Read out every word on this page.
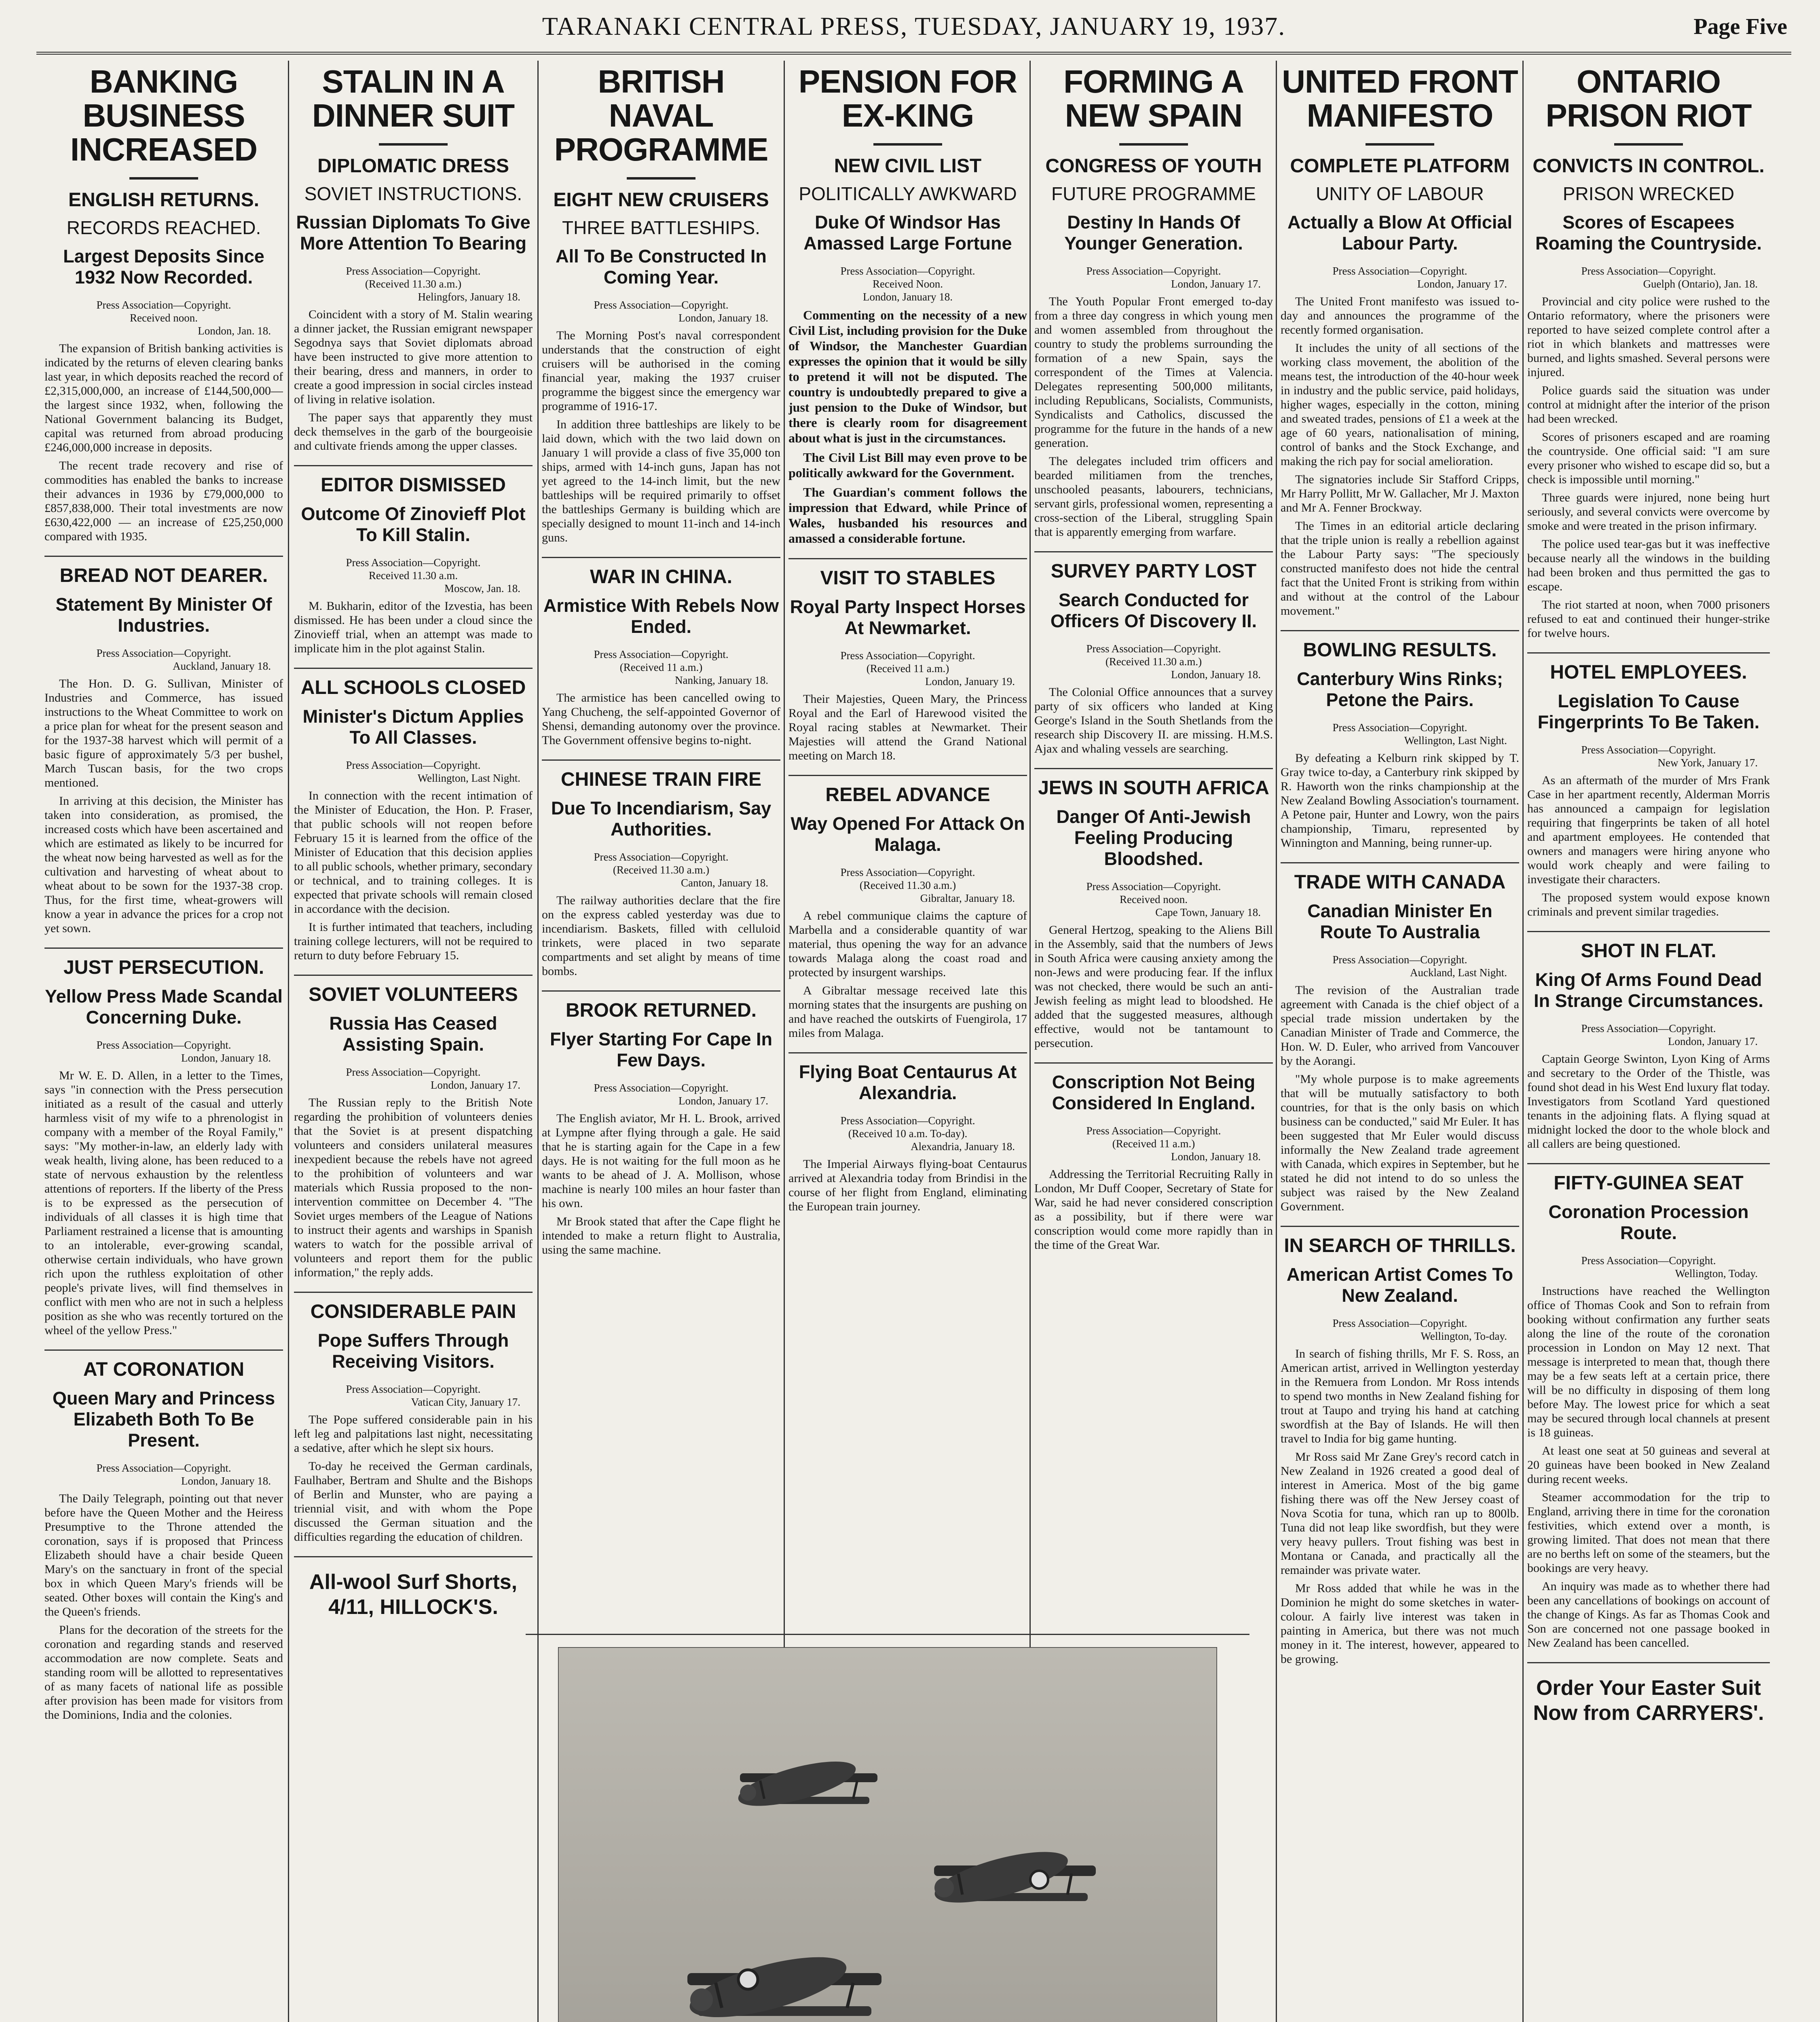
TARANAKI CENTRAL PRESS, TUESDAY, JANUARY 19, 1937.	Page Five
BANKING BUSINESS INCREASED
ENGLISH RETURNS.
RECORDS REACHED.
Largest Deposits Since 1932 Now Recorded.

Press Association—Copyright.

Received noon.

London, Jan. 18.

The expansion of British banking activities is indicated by the returns of eleven clearing banks last year, in which deposits reached the record of £2,315,000,000, an increase of £144,500,000—the largest since 1932, when, following the National Government balancing its Budget, capital was returned from abroad producing £246,000,000 increase in deposits.

The recent trade recovery and rise of commodities has enabled the banks to increase their advances in 1936 by £79,000,000 to £857,838,000. Their total investments are now £630,422,000 — an increase of £25,250,000 compared with 1935.

BREAD NOT DEARER.
Statement By Minister Of Industries.

Press Association—Copyright.

Auckland, January 18.

The Hon. D. G. Sullivan, Minister of Industries and Commerce, has issued instructions to the Wheat Committee to work on a price plan for wheat for the present season and for the 1937-38 harvest which will permit of a basic figure of approximately 5/3 per bushel, March Tuscan basis, for the two crops mentioned.

In arriving at this decision, the Minister has taken into consideration, as promised, the increased costs which have been ascertained and which are estimated as likely to be incurred for the wheat now being harvested as well as for the cultivation and harvesting of wheat about to wheat about to be sown for the 1937-38 crop. Thus, for the first time, wheat-growers will know a year in advance the prices for a crop not yet sown.

JUST PERSECUTION.
Yellow Press Made Scandal Concerning Duke.

Press Association—Copyright.

London, January 18.

Mr W. E. D. Allen, in a letter to the Times, says "in connection with the Press persecution initiated as a result of the casual and utterly harmless visit of my wife to a phrenologist in company with a member of the Royal Family," says: "My mother-in-law, an elderly lady with weak health, living alone, has been reduced to a state of nervous exhaustion by the relentless attentions of reporters. If the liberty of the Press is to be expressed as the persecution of individuals of all classes it is high time that Parliament restrained a license that is amounting to an intolerable, ever-growing scandal, otherwise certain individuals, who have grown rich upon the ruthless exploitation of other people's private lives, will find themselves in conflict with men who are not in such a helpless position as she who was recently tortured on the wheel of the yellow Press."

AT CORONATION
Queen Mary and Princess Elizabeth Both To Be Present.

Press Association—Copyright.

London, January 18.

The Daily Telegraph, pointing out that never before have the Queen Mother and the Heiress Presumptive to the Throne attended the coronation, says if is proposed that Princess Elizabeth should have a chair beside Queen Mary's on the sanctuary in front of the special box in which Queen Mary's friends will be seated. Other boxes will contain the King's and the Queen's friends.

Plans for the decoration of the streets for the coronation and regarding stands and reserved accommodation are now complete. Seats and standing room will be allotted to representatives of as many facets of national life as possible after provision has been made for visitors from the Dominions, India and the colonies.

STALIN IN A DINNER SUIT
DIPLOMATIC DRESS
SOVIET INSTRUCTIONS.
Russian Diplomats To Give More Attention To Bearing

Press Association—Copyright.

(Received 11.30 a.m.)

Helingfors, January 18.

Coincident with a story of M. Stalin wearing a dinner jacket, the Russian emigrant newspaper Segodnya says that Soviet diplomats abroad have been instructed to give more attention to their bearing, dress and manners, in order to create a good impression in social circles instead of living in relative isolation.

The paper says that apparently they must deck themselves in the garb of the bourgeoisie and cultivate friends among the upper classes.

EDITOR DISMISSED
Outcome Of Zinovieff Plot To Kill Stalin.

Press Association—Copyright.

Received 11.30 a.m.

Moscow, Jan. 18.

M. Bukharin, editor of the Izvestia, has been dismissed. He has been under a cloud since the Zinovieff trial, when an attempt was made to implicate him in the plot against Stalin.

ALL SCHOOLS CLOSED
Minister's Dictum Applies To All Classes.

Press Association—Copyright.

Wellington, Last Night.

In connection with the recent intimation of the Minister of Education, the Hon. P. Fraser, that public schools will not reopen before February 15 it is learned from the office of the Minister of Education that this decision applies to all public schools, whether primary, secondary or technical, and to training colleges. It is expected that private schools will remain closed in accordance with the decision.

It is further intimated that teachers, including training college lecturers, will not be required to return to duty before February 15.

SOVIET VOLUNTEERS
Russia Has Ceased Assisting Spain.

Press Association—Copyright.

London, January 17.

The Russian reply to the British Note regarding the prohibition of volunteers denies that the Soviet is at present dispatching volunteers and considers unilateral measures inexpedient because the rebels have not agreed to the prohibition of volunteers and war materials which Russia proposed to the non-intervention committee on December 4. "The Soviet urges members of the League of Nations to instruct their agents and warships in Spanish waters to watch for the possible arrival of volunteers and report them for the public information," the reply adds.

CONSIDERABLE PAIN
Pope Suffers Through Receiving Visitors.

Press Association—Copyright.

Vatican City, January 17.

The Pope suffered considerable pain in his left leg and palpitations last night, necessitating a sedative, after which he slept six hours.

To-day he received the German cardinals, Faulhaber, Bertram and Shulte and the Bishops of Berlin and Munster, who are paying a triennial visit, and with whom the Pope discussed the German situation and the difficulties regarding the education of children.

All-wool Surf Shorts, 4/11, HILLOCK'S.
BRITISH NAVAL PROGRAMME
EIGHT NEW CRUISERS
THREE BATTLESHIPS.
All To Be Constructed In Coming Year.

Press Association—Copyright.

London, January 18.

The Morning Post's naval correspondent understands that the construction of eight cruisers will be authorised in the coming financial year, making the 1937 cruiser programme the biggest since the emergency war programme of 1916-17.

In addition three battleships are likely to be laid down, which with the two laid down on January 1 will provide a class of five 35,000 ton ships, armed with 14-inch guns, Japan has not yet agreed to the 14-inch limit, but the new battleships will be required primarily to offset the battleships Germany is building which are specially designed to mount 11-inch and 14-inch guns.

WAR IN CHINA.
Armistice With Rebels Now Ended.

Press Association—Copyright.

(Received 11 a.m.)

Nanking, January 18.

The armistice has been cancelled owing to Yang Chucheng, the self-appointed Governor of Shensi, demanding autonomy over the province. The Government offensive begins to-night.

CHINESE TRAIN FIRE
Due To Incendiarism, Say Authorities.

Press Association—Copyright.

(Received 11.30 a.m.)

Canton, January 18.

The railway authorities declare that the fire on the express cabled yesterday was due to incendiarism. Baskets, filled with celluloid trinkets, were placed in two separate compartments and set alight by means of time bombs.

BROOK RETURNED.
Flyer Starting For Cape In Few Days.

Press Association—Copyright.

London, January 17.

The English aviator, Mr H. L. Brook, arrived at Lympne after flying through a gale. He said that he is starting again for the Cape in a few days. He is not waiting for the full moon as he wants to be ahead of J. A. Mollison, whose machine is nearly 100 miles an hour faster than his own.

Mr Brook stated that after the Cape flight he intended to make a return flight to Australia, using the same machine.

PENSION FOR EX-KING
NEW CIVIL LIST
POLITICALLY AWKWARD
Duke Of Windsor Has Amassed Large Fortune

Press Association—Copyright.

Received Noon.

London, January 18.

Commenting on the necessity of a new Civil List, including provision for the Duke of Windsor, the Manchester Guardian expresses the opinion that it would be silly to pretend it will not be disputed. The country is undoubtedly prepared to give a just pension to the Duke of Windsor, but there is clearly room for disagreement about what is just in the circumstances.

The Civil List Bill may even prove to be politically awkward for the Government.

The Guardian's comment follows the impression that Edward, while Prince of Wales, husbanded his resources and amassed a considerable fortune.

VISIT TO STABLES
Royal Party Inspect Horses At Newmarket.

Press Association—Copyright.

(Received 11 a.m.)

London, January 19.

Their Majesties, Queen Mary, the Princess Royal and the Earl of Harewood visited the Royal racing stables at Newmarket. Their Majesties will attend the Grand National meeting on March 18.

REBEL ADVANCE
Way Opened For Attack On Malaga.

Press Association—Copyright.

(Received 11.30 a.m.)

Gibraltar, January 18.

A rebel communique claims the capture of Marbella and a considerable quantity of war material, thus opening the way for an advance towards Malaga along the coast road and protected by insurgent warships.

A Gibraltar message received late this morning states that the insurgents are pushing on and have reached the outskirts of Fuengirola, 17 miles from Malaga.

Flying Boat Centaurus At Alexandria.

Press Association—Copyright.

(Received 10 a.m. To-day).

Alexandria, January 18.

The Imperial Airways flying-boat Centaurus arrived at Alexandria today from Brindisi in the course of her flight from England, eliminating the European train journey.

FORMING A NEW SPAIN
CONGRESS OF YOUTH
FUTURE PROGRAMME
Destiny In Hands Of Younger Generation.

Press Association—Copyright.

London, January 17.

The Youth Popular Front emerged to-day from a three day congress in which young men and women assembled from throughout the country to study the problems surrounding the formation of a new Spain, says the correspondent of the Times at Valencia. Delegates representing 500,000 militants, including Republicans, Socialists, Communists, Syndicalists and Catholics, discussed the programme for the future in the hands of a new generation.

The delegates included trim officers and bearded militiamen from the trenches, unschooled peasants, labourers, technicians, servant girls, professional women, representing a cross-section of the Liberal, struggling Spain that is apparently emerging from warfare.

SURVEY PARTY LOST
Search Conducted for Officers Of Discovery II.

Press Association—Copyright.

(Received 11.30 a.m.)

London, January 18.

The Colonial Office announces that a survey party of six officers who landed at King George's Island in the South Shetlands from the research ship Discovery II. are missing. H.M.S. Ajax and whaling vessels are searching.

JEWS IN SOUTH AFRICA
Danger Of Anti-Jewish Feeling Producing Bloodshed.

Press Association—Copyright.

Received noon.

Cape Town, January 18.

General Hertzog, speaking to the Aliens Bill in the Assembly, said that the numbers of Jews in South Africa were causing anxiety among the non-Jews and were producing fear. If the influx was not checked, there would be such an anti-Jewish feeling as might lead to bloodshed. He added that the suggested measures, although effective, would not be tantamount to persecution.

Conscription Not Being Considered In England.

Press Association—Copyright.

(Received 11 a.m.)

London, January 18.

Addressing the Territorial Recruiting Rally in London, Mr Duff Cooper, Secretary of State for War, said he had never considered conscription as a possibility, but if there were war conscription would come more rapidly than in the time of the Great War.

UNITED FRONT MANIFESTO
COMPLETE PLATFORM
UNITY OF LABOUR
Actually a Blow At Official Labour Party.

Press Association—Copyright.

London, January 17.

The United Front manifesto was issued to-day and announces the programme of the recently formed organisation.

It includes the unity of all sections of the working class movement, the abolition of the means test, the introduction of the 40-hour week in industry and the public service, paid holidays, higher wages, especially in the cotton, mining and sweated trades, pensions of £1 a week at the age of 60 years, nationalisation of mining, control of banks and the Stock Exchange, and making the rich pay for social amelioration.

The signatories include Sir Stafford Cripps, Mr Harry Pollitt, Mr W. Gallacher, Mr J. Maxton and Mr A. Fenner Brockway.

The Times in an editorial article declaring that the triple union is really a rebellion against the Labour Party says: "The speciously constructed manifesto does not hide the central fact that the United Front is striking from within and without at the control of the Labour movement."

BOWLING RESULTS.
Canterbury Wins Rinks; Petone the Pairs.

Press Association—Copyright.

Wellington, Last Night.

By defeating a Kelburn rink skipped by T. Gray twice to-day, a Canterbury rink skipped by R. Haworth won the rinks championship at the New Zealand Bowling Association's tournament. A Petone pair, Hunter and Lowry, won the pairs championship, Timaru, represented by Winnington and Manning, being runner-up.

TRADE WITH CANADA
Canadian Minister En Route To Australia

Press Association—Copyright.

Auckland, Last Night.

The revision of the Australian trade agreement with Canada is the chief object of a special trade mission undertaken by the Canadian Minister of Trade and Commerce, the Hon. W. D. Euler, who arrived from Vancouver by the Aorangi.

"My whole purpose is to make agreements that will be mutually satisfactory to both countries, for that is the only basis on which business can be conducted," said Mr Euler. It has been suggested that Mr Euler would discuss informally the New Zealand trade agreement with Canada, which expires in September, but he stated he did not intend to do so unless the subject was raised by the New Zealand Government.

IN SEARCH OF THRILLS.
American Artist Comes To New Zealand.

Press Association—Copyright.

Wellington, To-day.

In search of fishing thrills, Mr F. S. Ross, an American artist, arrived in Wellington yesterday in the Remuera from London. Mr Ross intends to spend two months in New Zealand fishing for trout at Taupo and trying his hand at catching swordfish at the Bay of Islands. He will then travel to India for big game hunting.

Mr Ross said Mr Zane Grey's record catch in New Zealand in 1926 created a good deal of interest in America. Most of the big game fishing there was off the New Jersey coast of Nova Scotia for tuna, which ran up to 800lb. Tuna did not leap like swordfish, but they were very heavy pullers. Trout fishing was best in Montana or Canada, and practically all the remainder was private water.

Mr Ross added that while he was in the Dominion he might do some sketches in water-colour. A fairly live interest was taken in painting in America, but there was not much money in it. The interest, however, appeared to be growing.

ONTARIO PRISON RIOT
CONVICTS IN CONTROL.
PRISON WRECKED
Scores of Escapees Roaming the Countryside.

Press Association—Copyright.

Guelph (Ontario), Jan. 18.

Provincial and city police were rushed to the Ontario reformatory, where the prisoners were reported to have seized complete control after a riot in which blankets and mattresses were burned, and lights smashed. Several persons were injured.

Police guards said the situation was under control at midnight after the interior of the prison had been wrecked.

Scores of prisoners escaped and are roaming the countryside. One official said: "I am sure every prisoner who wished to escape did so, but a check is impossible until morning."

Three guards were injured, none being hurt seriously, and several convicts were overcome by smoke and were treated in the prison infirmary.

The police used tear-gas but it was ineffective because nearly all the windows in the building had been broken and thus permitted the gas to escape.

The riot started at noon, when 7000 prisoners refused to eat and continued their hunger-strike for twelve hours.

HOTEL EMPLOYEES.
Legislation To Cause Fingerprints To Be Taken.

Press Association—Copyright.

New York, January 17.

As an aftermath of the murder of Mrs Frank Case in her apartment recently, Alderman Morris has announced a campaign for legislation requiring that fingerprints be taken of all hotel and apartment employees. He contended that owners and managers were hiring anyone who would work cheaply and were failing to investigate their characters.

The proposed system would expose known criminals and prevent similar tragedies.

SHOT IN FLAT.
King Of Arms Found Dead In Strange Circumstances.

Press Association—Copyright.

London, January 17.

Captain George Swinton, Lyon King of Arms and secretary to the Order of the Thistle, was found shot dead in his West End luxury flat today. Investigators from Scotland Yard questioned tenants in the adjoining flats. A flying squad at midnight locked the door to the whole block and all callers are being questioned.

FIFTY-GUINEA SEAT
Coronation Procession Route.

Press Association—Copyright.

Wellington, Today.

Instructions have reached the Wellington office of Thomas Cook and Son to refrain from booking without confirmation any further seats along the line of the route of the coronation procession in London on May 12 next. That message is interpreted to mean that, though there may be a few seats left at a certain price, there will be no difficulty in disposing of them long before May. The lowest price for which a seat may be secured through local channels at present is 18 guineas.

At least one seat at 50 guineas and several at 20 guineas have been booked in New Zealand during recent weeks.

Steamer accommodation for the trip to England, arriving there in time for the coronation festivities, which extend over a month, is growing limited. That does not mean that there are no berths left on some of the steamers, but the bookings are very heavy.

An inquiry was made as to whether there had been any cancellations of bookings on account of the change of Kings. As far as Thomas Cook and Son are concerned not one passage booked in New Zealand has been cancelled.

Order Your Easter Suit Now from CARRYERS'.
